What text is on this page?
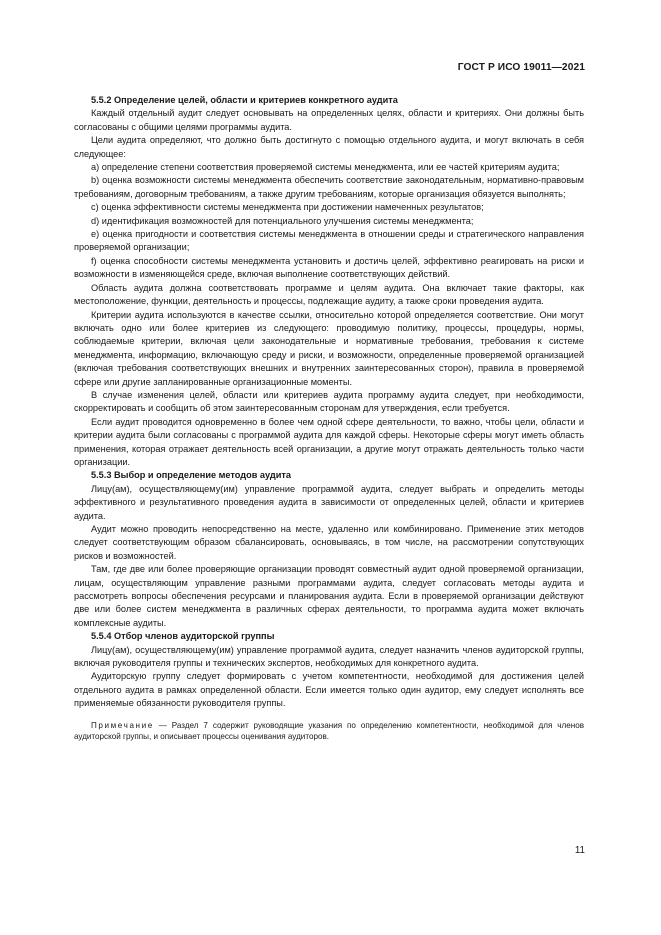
ГОСТ Р ИСО 19011—2021

5.5.2 Определение целей, области и критериев конкретного аудита

Каждый отдельный аудит следует основывать на определенных целях, области и критериях. Они должны быть согласованы с общими целями программы аудита.

Цели аудита определяют, что должно быть достигнуто с помощью отдельного аудита, и могут включать в себя следующее:

a) определение степени соответствия проверяемой системы менеджмента, или ее частей критериям аудита;

b) оценка возможности системы менеджмента обеспечить соответствие законодательным, нормативно-правовым требованиям, договорным требованиям, а также другим требованиям, которые организация обязуется выполнять;

c) оценка эффективности системы менеджмента при достижении намеченных результатов;

d) идентификация возможностей для потенциального улучшения системы менеджмента;

e) оценка пригодности и соответствия системы менеджмента в отношении среды и стратегического направления проверяемой организации;

f) оценка способности системы менеджмента установить и достичь целей, эффективно реагировать на риски и возможности в изменяющейся среде, включая выполнение соответствующих действий.

Область аудита должна соответствовать программе и целям аудита. Она включает такие факторы, как местоположение, функции, деятельность и процессы, подлежащие аудиту, а также сроки проведения аудита.

Критерии аудита используются в качестве ссылки, относительно которой определяется соответствие. Они могут включать одно или более критериев из следующего: проводимую политику, процессы, процедуры, нормы, соблюдаемые критерии, включая цели законодательные и нормативные требования, требования к системе менеджмента, информацию, включающую среду и риски, и возможности, определенные проверяемой организацией (включая требования соответствующих внешних и внутренних заинтересованных сторон), правила в проверяемой сфере или другие запланированные организационные моменты.

В случае изменения целей, области или критериев аудита программу аудита следует, при необходимости, скорректировать и сообщить об этом заинтересованным сторонам для утверждения, если требуется.

Если аудит проводится одновременно в более чем одной сфере деятельности, то важно, чтобы цели, области и критерии аудита были согласованы с программой аудита для каждой сферы. Некоторые сферы могут иметь область применения, которая отражает деятельность всей организации, а другие могут отражать деятельность только части организации.

5.5.3 Выбор и определение методов аудита

Лицу(ам), осуществляющему(им) управление программой аудита, следует выбрать и определить методы эффективного и результативного проведения аудита в зависимости от определенных целей, области и критериев аудита.

Аудит можно проводить непосредственно на месте, удаленно или комбинировано. Применение этих методов следует соответствующим образом сбалансировать, основываясь, в том числе, на рассмотрении сопутствующих рисков и возможностей.

Там, где две или более проверяющие организации проводят совместный аудит одной проверяемой организации, лицам, осуществляющим управление разными программами аудита, следует согласовать методы аудита и рассмотреть вопросы обеспечения ресурсами и планирования аудита. Если в проверяемой организации действуют две или более систем менеджмента в различных сферах деятельности, то программа аудита может включать комплексные аудиты.

5.5.4 Отбор членов аудиторской группы

Лицу(ам), осуществляющему(им) управление программой аудита, следует назначить членов аудиторской группы, включая руководителя группы и технических экспертов, необходимых для конкретного аудита.

Аудиторскую группу следует формировать с учетом компетентности, необходимой для достижения целей отдельного аудита в рамках определенной области. Если имеется только один аудитор, ему следует исполнять все применяемые обязанности руководителя группы.

Примечание — Раздел 7 содержит руководящие указания по определению компетентности, необходимой для членов аудиторской группы, и описывает процессы оценивания аудиторов.

11
